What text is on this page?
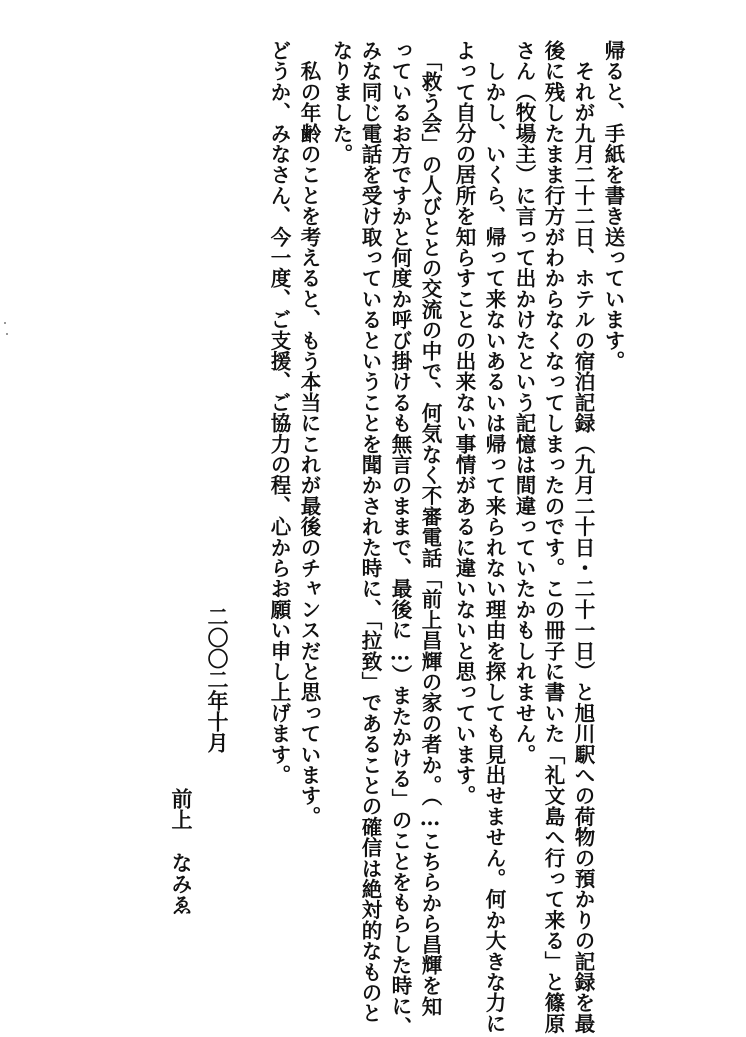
帰ると、手紙を書き送っています。
　それが九月二十二日、ホテルの宿泊記録（九月二十日・二十一日）と旭川駅への荷物の預かりの記録を最
後に残したまま行方がわからなくなってしまったのです。この冊子に書いた「礼文島へ行って来る」と篠原
さん（牧場主）に言って出かけたという記憶は間違っていたかもしれません。
　しかし、いくら、帰って来ないあるいは帰って来られない理由を探しても見出せません。何か大きな力に
よって自分の居所を知らすことの出来ない事情があるに違いないと思っています。
　「救う会」の人びととの交流の中で、何気なく不審電話「前上昌輝の家の者か。（…こちらから昌輝を知
っているお方ですかと何度か呼び掛けるも無言のままで、最後に…）またかける」のことをもらした時に、
みな同じ電話を受け取っているということを聞かされた時に、「拉致」であることの確信は絶対的なものと
なりました。
　私の年齢のことを考えると、もう本当にこれが最後のチャンスだと思っています。
どうか、みなさん、今一度、ご支援、ご協力の程、心からお願い申し上げます。
二〇〇二年十月
前上
なみゑ
